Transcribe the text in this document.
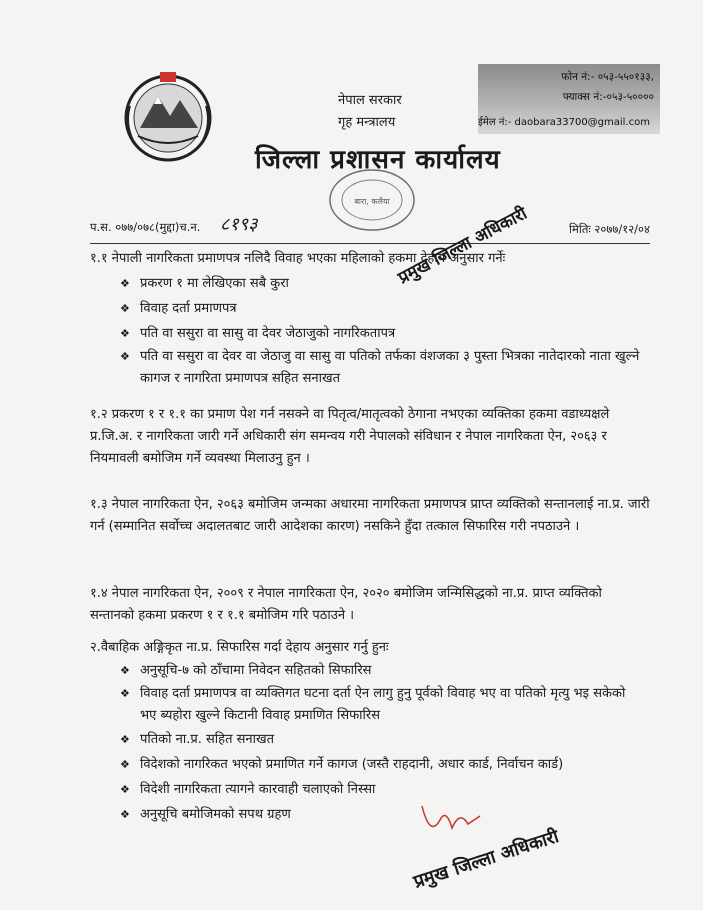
नेपाल सरकार
गृह मन्त्रालय
जिल्ला प्रशासन कार्यालय
फोन नं:- ०५३-५५०१३३,
फ्याक्स नं:-०५३-५००००
ईमेल नं:- daobara33700@gmail.com
बारा, कलैया
प.स. ०७७/०७८(मुद्दा)च.न. ८१९३	मितिः २०७७/१२/०४
प्रमुख जिल्ला अधिकारी
१.१ नेपाली नागरिकता प्रमाणपत्र नलिदै विवाह भएका महिलाको हकमा देहाय अनुसार गर्नेः
❖ प्रकरण १ मा लेखिएका सबै कुरा
❖ विवाह दर्ता प्रमाणपत्र
❖ पति वा ससुरा वा सासु वा देवर जेठाजुको नागरिकतापत्र
❖ पति वा ससुरा वा देवर वा जेठाजु वा सासु वा पतिको तर्फका वंशजका ३ पुस्ता भित्रका नातेदारको नाता खुल्ने कागज र नागरिता प्रमाणपत्र सहित सनाखत
१.२ प्रकरण १ र १.१ का प्रमाण पेश गर्न नसक्ने वा पितृत्व/मातृत्वको ठेगाना नभएका व्यक्तिका हकमा वडाध्यक्षले प्र.जि.अ. र नागरिकता जारी गर्ने अधिकारी संग समन्वय गरी नेपालको संविधान र नेपाल नागरिकता ऐन, २०६३ र नियमावली बमोजिम गर्ने व्यवस्था मिलाउनु हुन ।
१.३ नेपाल नागरिकता ऐन, २०६३ बमोजिम जन्मका अधारमा नागरिकता प्रमाणपत्र प्राप्त व्यक्तिको सन्तानलाई ना.प्र. जारी गर्न (सम्मानित सर्वोच्च अदालतबाट जारी आदेशका कारण) नसकिने हुँदा तत्काल सिफारिस गरी नपठाउने ।
१.४ नेपाल नागरिकता ऐन, २००९ र नेपाल नागरिकता ऐन, २०२० बमोजिम जन्मिसिद्धको ना.प्र. प्राप्त व्यक्तिको सन्तानको हकमा प्रकरण १ र १.१ बमोजिम गरि पठाउने ।
२.वैबाहिक अङ्गिकृत ना.प्र. सिफारिस गर्दा देहाय अनुसार गर्नु हुनः
❖ अनुसूचि-७ को ठाँचामा निवेदन सहितको सिफारिस
❖ विवाह दर्ता प्रमाणपत्र वा व्यक्तिगत घटना दर्ता ऐन लागु हुनु पूर्वको विवाह भए वा पतिको मृत्यु भइ सकेको भए ब्यहोरा खुल्ने किटानी विवाह प्रमाणित सिफारिस
❖ पतिको ना.प्र. सहित सनाखत
❖ विदेशको नागरिकत भएको प्रमाणित गर्ने कागज (जस्तै राहदानी, अधार कार्ड, निर्वाचन कार्ड)
❖ विदेशी नागरिकता त्यागने कारवाही चलाएको निस्सा
❖ अनुसूचि बमोजिमको सपथ ग्रहण
प्रमुख जिल्ला अधिकारी
